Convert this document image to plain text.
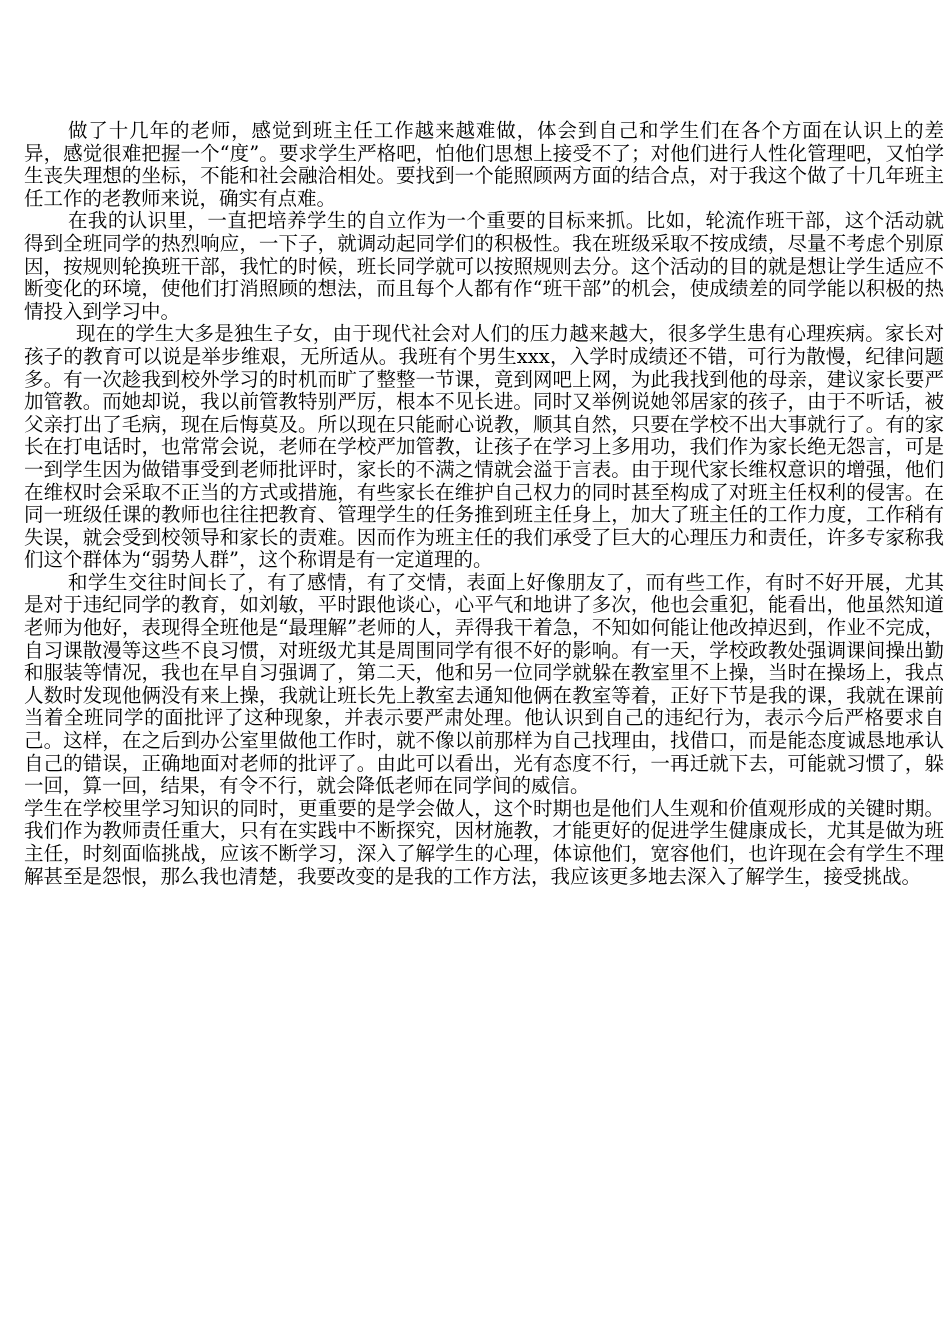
做了十几年的老师，感觉到班主任工作越来越难做，体会到自己和学生们在各个方面在认识上的差异，感觉很难把握一个“度”。要求学生严格吧，怕他们思想上接受不了；对他们进行人性化管理吧，又怕学生丧失理想的坐标，不能和社会融洽相处。要找到一个能照顾两方面的结合点，对于我这个做了十几年班主任工作的老教师来说，确实有点难。

在我的认识里，一直把培养学生的自立作为一个重要的目标来抓。比如，轮流作班干部，这个活动就得到全班同学的热烈响应，一下子，就调动起同学们的积极性。我在班级采取不按成绩，尽量不考虑个别原因，按规则轮换班干部，我忙的时候，班长同学就可以按照规则去分。这个活动的目的就是想让学生适应不断变化的环境，使他们打消照顾的想法，而且每个人都有作“班干部”的机会，使成绩差的同学能以积极的热情投入到学习中。

现在的学生大多是独生子女，由于现代社会对人们的压力越来越大，很多学生患有心理疾病。家长对孩子的教育可以说是举步维艰，无所适从。我班有个男生xxx，入学时成绩还不错，可行为散慢，纪律问题多。有一次趁我到校外学习的时机而旷了整整一节课，竟到网吧上网，为此我找到他的母亲，建议家长要严加管教。而她却说，我以前管教特别严厉，根本不见长进。同时又举例说她邻居家的孩子，由于不听话，被父亲打出了毛病，现在后悔莫及。所以现在只能耐心说教，顺其自然，只要在学校不出大事就行了。有的家长在打电话时，也常常会说，老师在学校严加管教，让孩子在学习上多用功，我们作为家长绝无怨言，可是一到学生因为做错事受到老师批评时，家长的不满之情就会溢于言表。由于现代家长维权意识的增强，他们在维权时会采取不正当的方式或措施，有些家长在维护自己权力的同时甚至构成了对班主任权利的侵害。在同一班级任课的教师也往往把教育、管理学生的任务推到班主任身上，加大了班主任的工作力度，工作稍有失误，就会受到校领导和家长的责难。因而作为班主任的我们承受了巨大的心理压力和责任，许多专家称我们这个群体为“弱势人群”，这个称谓是有一定道理的。

和学生交往时间长了，有了感情，有了交情，表面上好像朋友了，而有些工作，有时不好开展，尤其是对于违纪同学的教育，如刘敏，平时跟他谈心，心平气和地讲了多次，他也会重犯，能看出，他虽然知道老师为他好，表现得全班他是“最理解”老师的人，弄得我干着急，不知如何能让他改掉迟到，作业不完成，自习课散漫等这些不良习惯，对班级尤其是周围同学有很不好的影响。有一天，学校政教处强调课间操出勤和服装等情况，我也在早自习强调了，第二天，他和另一位同学就躲在教室里不上操，当时在操场上，我点人数时发现他俩没有来上操，我就让班长先上教室去通知他俩在教室等着，正好下节是我的课，我就在课前当着全班同学的面批评了这种现象，并表示要严肃处理。他认识到自己的违纪行为，表示今后严格要求自己。这样，在之后到办公室里做他工作时，就不像以前那样为自己找理由，找借口，而是能态度诚恳地承认自己的错误，正确地面对老师的批评了。由此可以看出，光有态度不行，一再迁就下去，可能就习惯了，躲一回，算一回，结果，有令不行，就会降低老师在同学间的威信。

学生在学校里学习知识的同时，更重要的是学会做人，这个时期也是他们人生观和价值观形成的关键时期。我们作为教师责任重大，只有在实践中不断探究，因材施教，才能更好的促进学生健康成长，尤其是做为班主任，时刻面临挑战，应该不断学习，深入了解学生的心理，体谅他们，宽容他们，也许现在会有学生不理解甚至是怨恨，那么我也清楚，我要改变的是我的工作方法，我应该更多地去深入了解学生，接受挑战。
